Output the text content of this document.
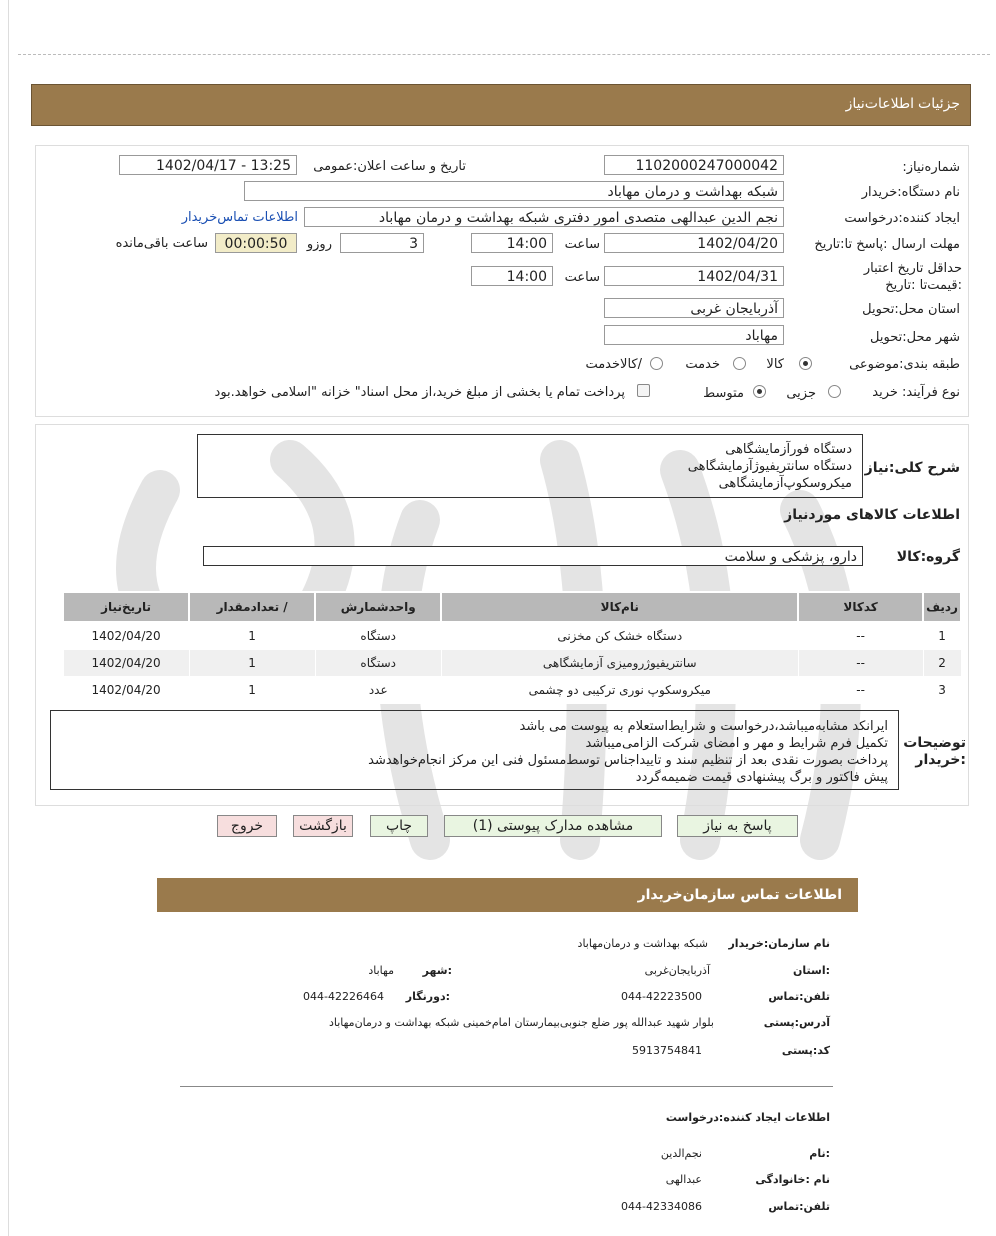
جزئیات
اطلاعات‌نیاز
شماره‌نیاز:
1102000247000042
تاریخ و ساعت اعلان:عمومی
1402/04/17 - 13:25
نام دستگاه:خریدار
شبکه بهداشت و درمان مهاباد
ایجاد کننده:درخواست
نجم الدین عبدالهی متصدی امور دفتری شبکه بهداشت و درمان مهاباد
اطلاعات تماس‌خریدار
مهلت ارسال :پاسخ تا:تاریخ
1402/04/20
ساعت
14:00
3
روزو
00:00:50
ساعت باقی‌مانده
حداقل تاریخ اعتبار :قیمت‌تا :تاریخ
1402/04/31
ساعت
14:00
استان محل:تحویل
آذربایجان غربی
شهر محل:تحویل
مهاباد
طبقه بندی:موضوعی
کالا
خدمت
/کالاخدمت
نوع فرآیند: خرید
جزیی
متوسط
پرداخت تمام یا بخشی از مبلغ خرید،از محل اسناد" خزانه "اسلامی خواهد.بود
شرح کلی:نیاز
دستگاه فورآزمایشگاهی
دستگاه سانتریفیوژآزمایشگاهی
میکروسکوپ‌آزمایشگاهی
اطلاعات کالاهای موردنیاز
گروه:کالا
دارو، پزشکی و سلامت
ردیف	کدکالا	نام‌کالا	واحدشمارش	/ تعدادمقدار	تاریخ‌نیاز
1	--	دستگاه خشک کن مخزنی	دستگاه	1	1402/04/20
2	--	سانتریفیوژرومیزی آزمایشگاهی	دستگاه	1	1402/04/20
3	--	میکروسکوپ نوری ترکیبی دو چشمی	عدد	1	1402/04/20
توضیحات :خریدار
ایرانکد مشابه‌میباشد،درخواست و شرایط‌استعلام به پیوست می باشد
تکمیل فرم شرایط و مهر و امضای شرکت الزامی‌میباشد
پرداخت بصورت نقدی بعد از تنظیم سند و تاییداجناس توسط‌مسئول فنی این مرکز انجام‌خواهدشد
پیش فاکتور و برگ پیشنهادی قیمت ضمیمه‌گردد
پاسخ به نیاز
مشاهده مدارک پیوستی (1)
چاپ
بازگشت
خروج
اطلاعات تماس سازمان‌خریدار
نام سازمان:خریدار
شبکه بهداشت و درمان‌مهاباد
:استان
آذربایجان‌غربی
:شهر
مهاباد
تلفن:تماس
044-42223500
:دورنگار
044-42226464
آدرس:پستی
بلوار شهید عبدالله پور ضلع جنوبی‌بیمارستان امام‌خمینی شبکه بهداشت و درمان‌مهاباد
کد:پستی
5913754841
اطلاعات ایجاد کننده:درخواست
:نام
نجم‌الدین
نام :خانوادگی
عبدالهی
تلفن:تماس
044-42334086
